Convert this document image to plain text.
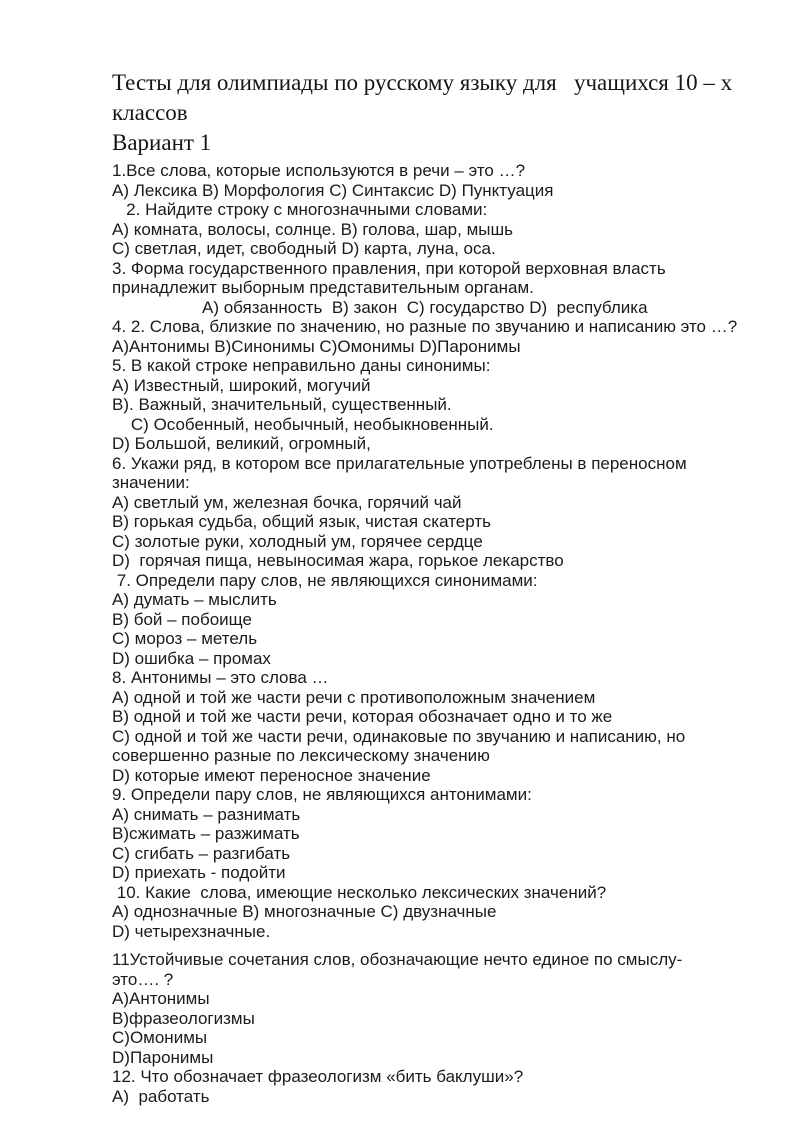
Тесты для олимпиады по русскому языку для   учащихся 10 – х классов
Вариант 1
1.Все слова, которые используются в речи – это …?
А) Лексика В) Морфология С) Синтаксис D) Пунктуация
2. Найдите строку с многозначными словами:
А) комната, волосы, солнце. В) голова, шар, мышь
С) светлая, идет, свободный D) карта, луна, оса.
3. Форма государственного правления, при которой верховная власть
принадлежит выборным представительным органам.
А) обязанность  В) закон  С) государство D)  республика
4. 2. Слова, близкие по значению, но разные по звучанию и написанию это …?
А)Антонимы В)Синонимы С)Омонимы D)Паронимы
5. В какой строке неправильно даны синонимы:
А) Известный, широкий, могучий
В). Важный, значительный, существенный.
С) Особенный, необычный, необыкновенный.
D) Большой, великий, огромный,
6. Укажи ряд, в котором все прилагательные употреблены в переносном значении:
А) светлый ум, железная бочка, горячий чай
В) горькая судьба, общий язык, чистая скатерть
С) золотые руки, холодный ум, горячее сердце
D)  горячая пища, невыносимая жара, горькое лекарство
7. Определи пару слов, не являющихся синонимами:
А) думать – мыслить
В) бой – побоище
С) мороз – метель
D) ошибка – промах
8. Антонимы – это слова …
А) одной и той же части речи с противоположным значением
В) одной и той же части речи, которая обозначает одно и то же
С) одной и той же части речи, одинаковые по звучанию и написанию, но
совершенно разные по лексическому значению
D) которые имеют переносное значение
9. Определи пару слов, не являющихся антонимами:
А) снимать – разнимать
В)сжимать – разжимать
С) сгибать – разгибать
D) приехать - подойти
10. Какие  слова, имеющие несколько лексических значений?
А) однозначные В) многозначные С) двузначные
D) четырехзначные.
11Устойчивые сочетания слов, обозначающие нечто единое по смыслу-
это…. ?
А)Антонимы
В)фразеологизмы
С)Омонимы
D)Паронимы
12. Что обозначает фразеологизм «бить баклуши»?
А)  работать
